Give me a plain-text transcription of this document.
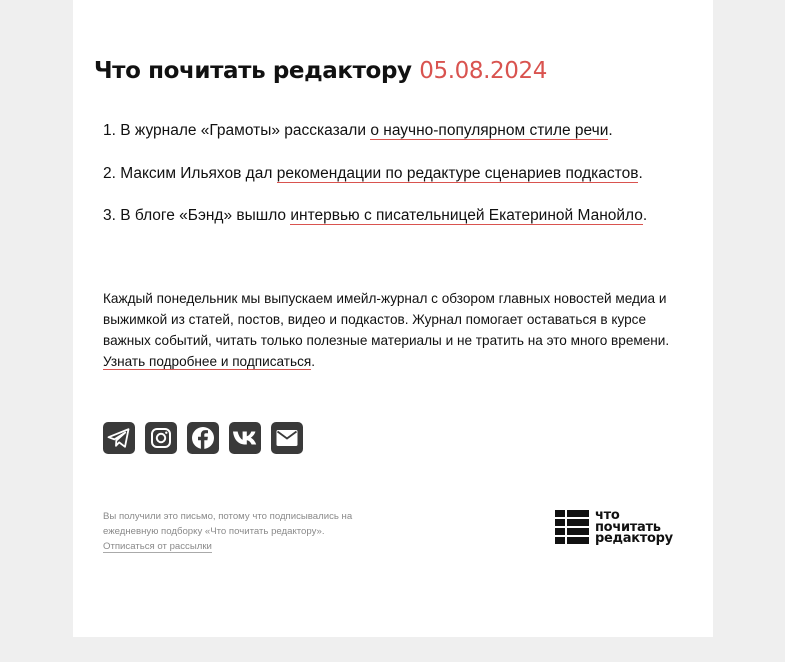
Что почитать редактору 05.08.2024
1. В журнале «Грамоты» рассказали о научно-популярном стиле речи.
2. Максим Ильяхов дал рекомендации по редактуре сценариев подкастов.
3. В блоге «Бэнд» вышло интервью с писательницей Екатериной Манойло.
Каждый понедельник мы выпускаем имейл-журнал с обзором главных новостей медиа и выжимкой из статей, постов, видео и подкастов. Журнал помогает оставаться в курсе важных событий, читать только полезные материалы и не тратить на это много времени. Узнать подробнее и подписаться.
Вы получили это письмо, потому что подписывались на ежедневную подборку «Что почитать редактору».
Отписаться от рассылки
что
почитать
редактору
